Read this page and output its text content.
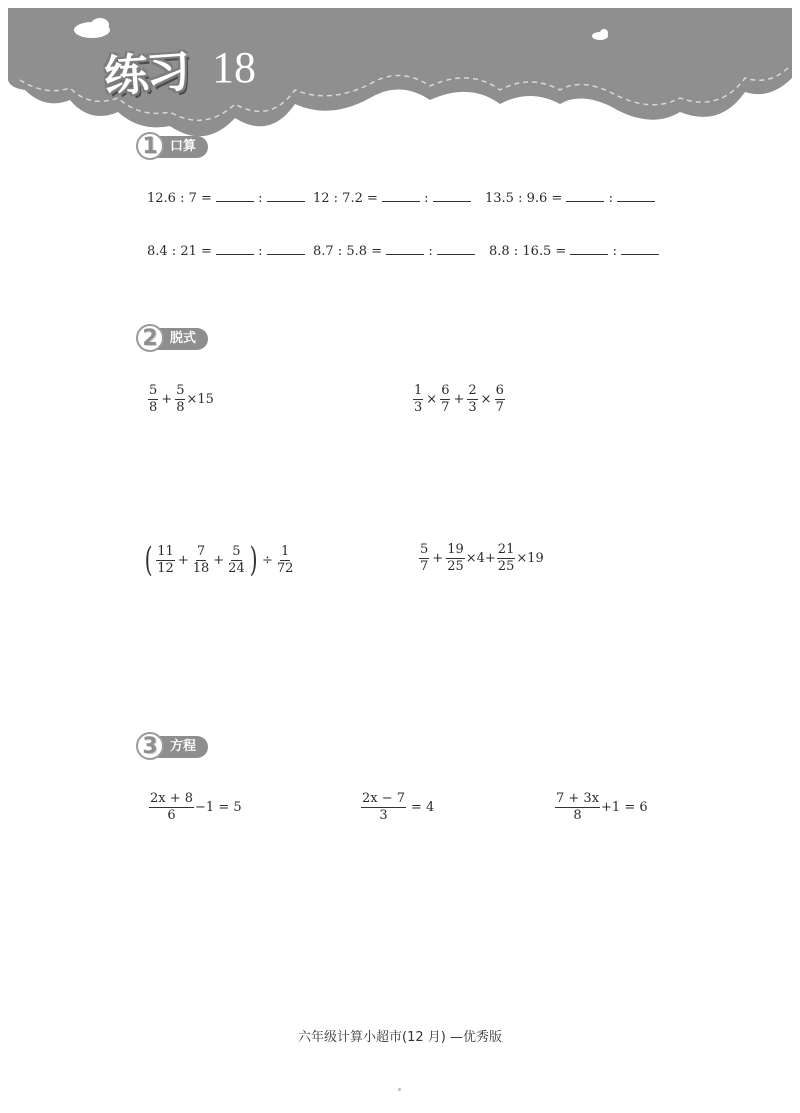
练习 18
口算
1
12.6 : 7 =	:	12 : 7.2 =	:	13.5 : 9.6 =	:
8.4 : 21 =	:	8.7 : 5.8 =	:	8.8 : 16.5 =	:
脱式
2
$\frac{5}{8} + \frac{5}{8} \times 15$	$\frac{1}{3} \times \frac{6}{7} + \frac{2}{3} \times \frac{6}{7}$
( $\frac{11}{12} + \frac{7}{18} + \frac{5}{24}$ ) ÷ $\frac{1}{72}$	$\frac{5}{7} + \frac{19}{25} \times 4+ \frac{21}{25} \times 19$
方程
3
$\frac{2x + 8}{6} -1 = 5$	$\frac{2x - 7}{3} = 4$	$\frac{7 + 3x}{8} +1 = 6$
六年级计算小超市(12 月) —优秀版
